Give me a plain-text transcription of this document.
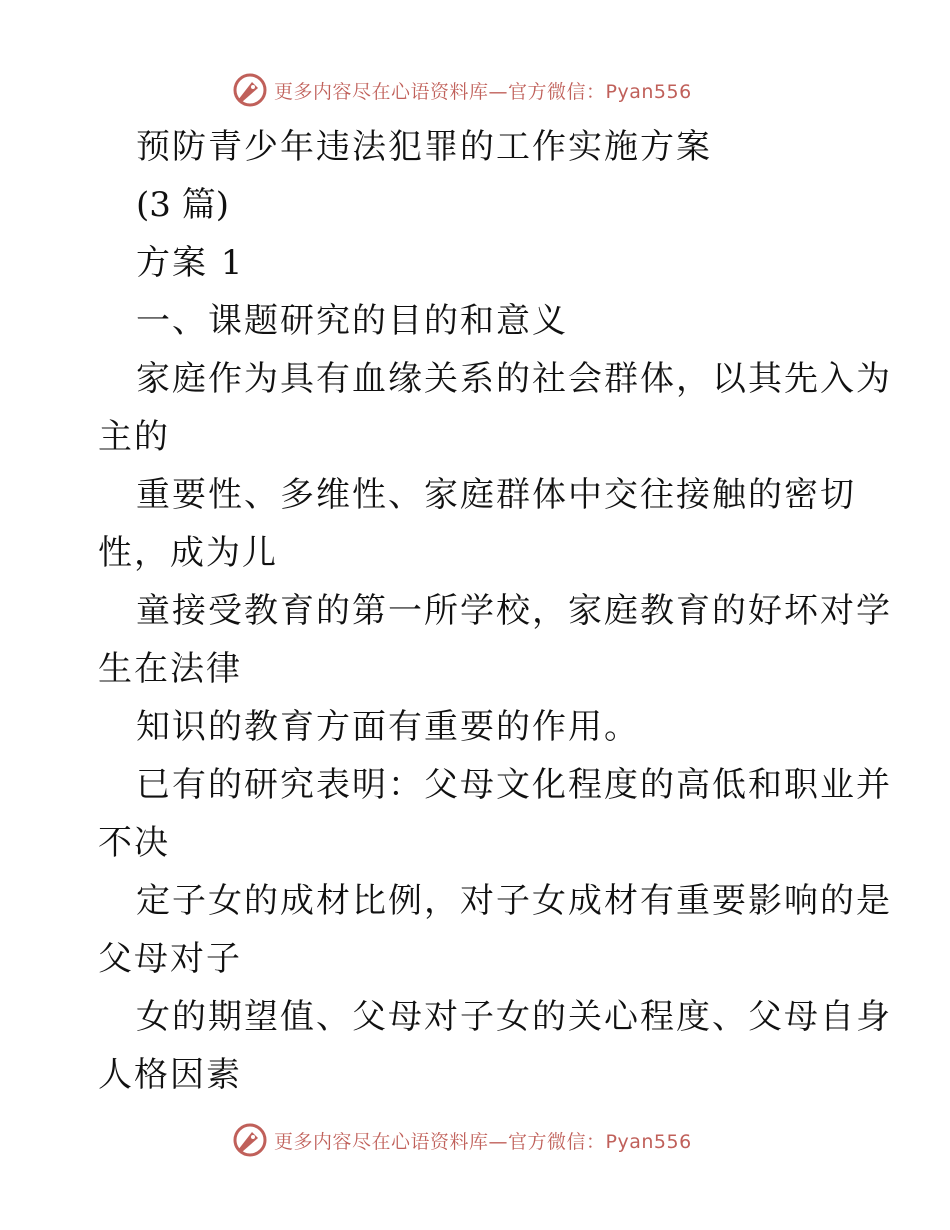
更多内容尽在心语资料库—官方微信：Pyan556
预防青少年违法犯罪的工作实施方案
(3 篇)
方案 1
一、课题研究的目的和意义
家庭作为具有血缘关系的社会群体，以其先入为
主的
重要性、多维性、家庭群体中交往接触的密切
性，成为儿
童接受教育的第一所学校，家庭教育的好坏对学
生在法律
知识的教育方面有重要的作用。
已有的研究表明：父母文化程度的高低和职业并
不决
定子女的成材比例，对子女成材有重要影响的是
父母对子
女的期望值、父母对子女的关心程度、父母自身
人格因素
更多内容尽在心语资料库—官方微信：Pyan556
